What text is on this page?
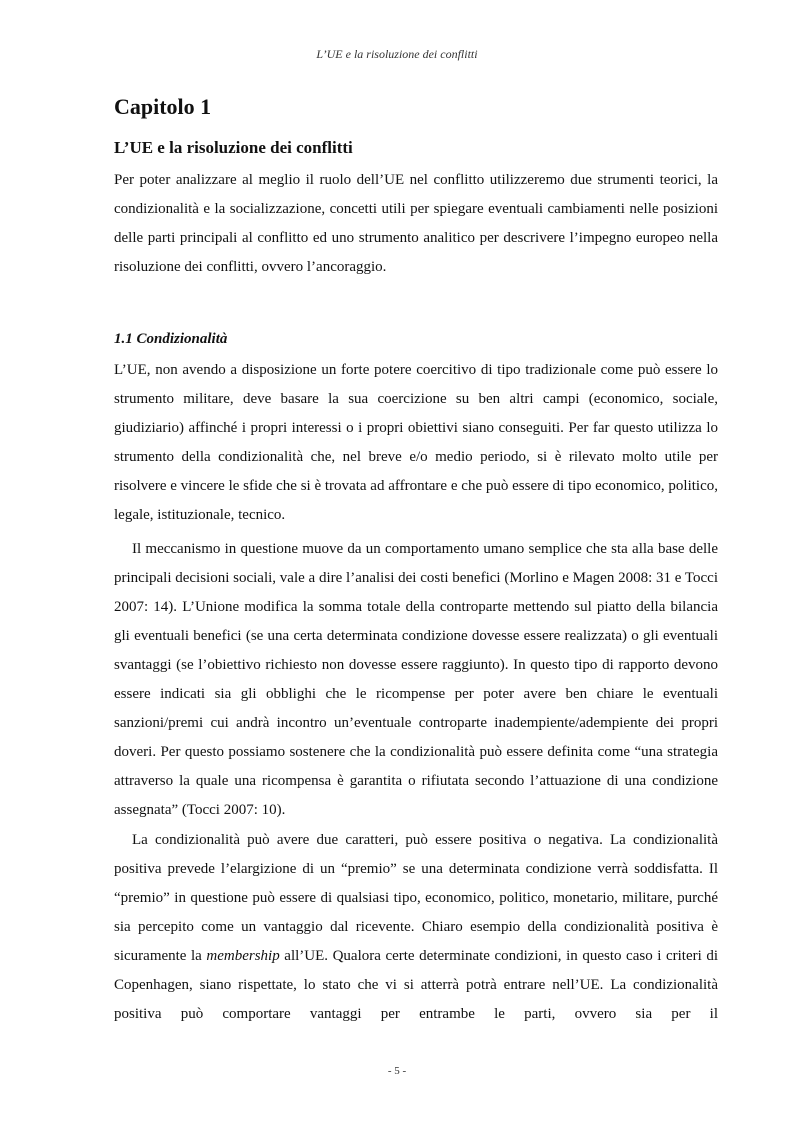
L’UE e la risoluzione dei conflitti
Capitolo 1
L’UE e la risoluzione dei conflitti

Per poter analizzare al meglio il ruolo dell’UE nel conflitto utilizzeremo due strumenti teorici, la condizionalità e la socializzazione, concetti utili per spiegare eventuali cambiamenti nelle posizioni delle parti principali al conflitto ed uno strumento analitico per descrivere l’impegno europeo nella risoluzione dei conflitti, ovvero l’ancoraggio.

1.1 Condizionalità

L’UE, non avendo a disposizione un forte potere coercitivo di tipo tradizionale come può essere lo strumento militare, deve basare la sua coercizione su ben altri campi (economico, sociale, giudiziario) affinché i propri interessi o i propri obiettivi siano conseguiti. Per far questo utilizza lo strumento della condizionalità che, nel breve e/o medio periodo, si è rilevato molto utile per risolvere e vincere le sfide che si è trovata ad affrontare e che può essere di tipo economico, politico, legale, istituzionale, tecnico.

Il meccanismo in questione muove da un comportamento umano semplice che sta alla base delle principali decisioni sociali, vale a dire l’analisi dei costi benefici (Morlino e Magen 2008: 31 e Tocci 2007: 14). L’Unione modifica la somma totale della controparte mettendo sul piatto della bilancia gli eventuali benefici (se una certa determinata condizione dovesse essere realizzata) o gli eventuali svantaggi (se l’obiettivo richiesto non dovesse essere raggiunto). In questo tipo di rapporto devono essere indicati sia gli obblighi che le ricompense per poter avere ben chiare le eventuali sanzioni/premi cui andrà incontro un’eventuale controparte inadempiente/adempiente dei propri doveri. Per questo possiamo sostenere che la condizionalità può essere definita come “una strategia attraverso la quale una ricompensa è garantita o rifiutata secondo l’attuazione di una condizione assegnata” (Tocci 2007: 10).

La condizionalità può avere due caratteri, può essere positiva o negativa. La condizionalità positiva prevede l’elargizione di un “premio” se una determinata condizione verrà soddisfatta. Il “premio” in questione può essere di qualsiasi tipo, economico, politico, monetario, militare, purché sia percepito come un vantaggio dal ricevente. Chiaro esempio della condizionalità positiva è sicuramente la membership all’UE. Qualora certe determinate condizioni, in questo caso i criteri di Copenhagen, siano rispettate, lo stato che vi si atterrà potrà entrare nell’UE. La condizionalità positiva può comportare vantaggi per entrambe le parti, ovvero sia per il

- 5 -
